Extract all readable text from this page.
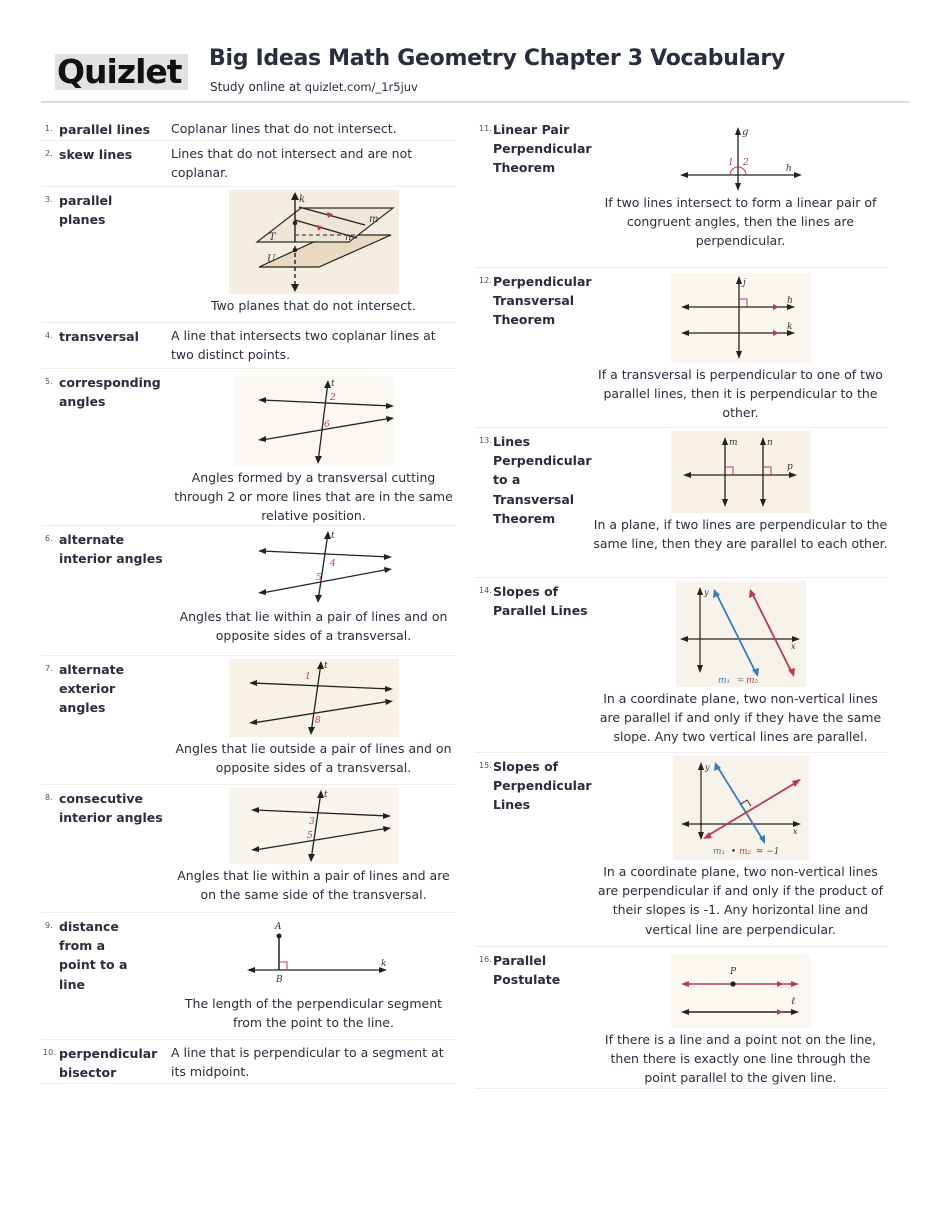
Quizlet Big Ideas Math Geometry Chapter 3 Vocabulary
Study online at quizlet.com/_1r5juv
1. parallel lines	Coplanar lines that do not intersect.
2. skew lines	Lines that do not intersect and are not coplanar.
3. parallel planes
k
m
n
T
U
Two planes that do not intersect.
4. transversal	A line that intersects two coplanar lines at two distinct points.
5. corresponding angles
t
2
6
Angles formed by a transversal cutting through 2 or more lines that are in the same relative position.
6. alternate interior angles
t
4
5
Angles that lie within a pair of lines and on opposite sides of a transversal.
7. alternate exterior angles
t
1
8
Angles that lie outside a pair of lines and on opposite sides of a transversal.
8. consecutive interior angles
t
3
5
Angles that lie within a pair of lines and are on the same side of the transversal.
9. distance from a point to a line
A
B
k
The length of the perpendicular segment from the point to the line.
10. perpendicular bisector
A line that is perpendicular to a segment at its midpoint.
11. Linear Pair Perpendicular Theorem
g
1 2
h
If two lines intersect to form a linear pair of congruent angles, then the lines are perpendicular.
12. Perpendicular Transversal Theorem
j
h
k
If a transversal is perpendicular to one of two parallel lines, then it is perpendicular to the other.
13. Lines Perpendicular to a Transversal Theorem
m	n
p
In a plane, if two lines are perpendicular to the same line, then they are parallel to each other.
14. Slopes of Parallel Lines
y
x
m₁ =
m₂
In a coordinate plane, two non-vertical lines are parallel if and only if they have the same slope. Any two vertical lines are parallel.
15. Slopes of Perpendicular Lines
y
x
m₁ • m₂ = −1
In a coordinate plane, two non-vertical lines are perpendicular if and only if the product of their slopes is -1. Any horizontal line and vertical line are perpendicular.
16. Parallel Postulate
P
ℓ
If there is a line and a point not on the line, then there is exactly one line through the point parallel to the given line.
